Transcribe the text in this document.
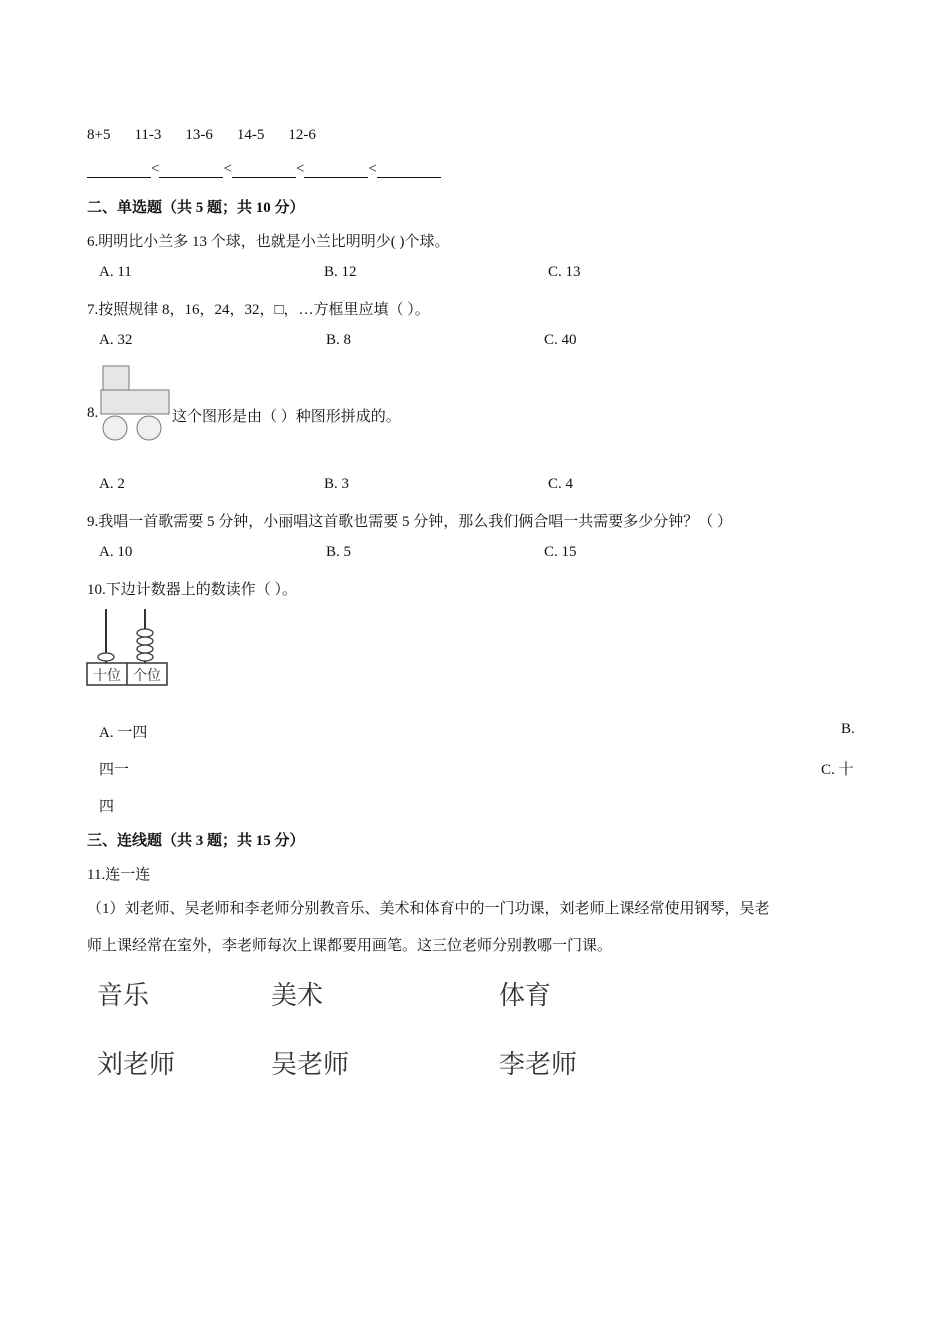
8+5 11-3 13-6 14-5 12-6
<	<	<	<
二、单选题（共 5 题；共 10 分）
6.明明比小兰多 13 个球，也就是小兰比明明少( )个球。
A. 11	B. 12	C. 13
7.按照规律 8，16，24，32，□，…方框里应填（ ）。
A. 32	B. 8	C. 40
8.	这个图形是由（ ）种图形拼成的。
A. 2	B. 3	C. 4
9.我唱一首歌需要 5 分钟，小丽唱这首歌也需要 5 分钟，那么我们俩合唱一共需要多少分钟？（ ）
A. 10	B. 5	C. 15
10.下边计数器上的数读作（ ）。
十位 个位
A. 一四	B.
四一	C. 十
四
三、连线题（共 3 题；共 15 分）
11.连一连
（1）刘老师、吴老师和李老师分别教音乐、美术和体育中的一门功课，刘老师上课经常使用钢琴，吴老
师上课经常在室外，李老师每次上课都要用画笔。这三位老师分别教哪一门课。
音乐	美术	体育
刘老师	吴老师	李老师
